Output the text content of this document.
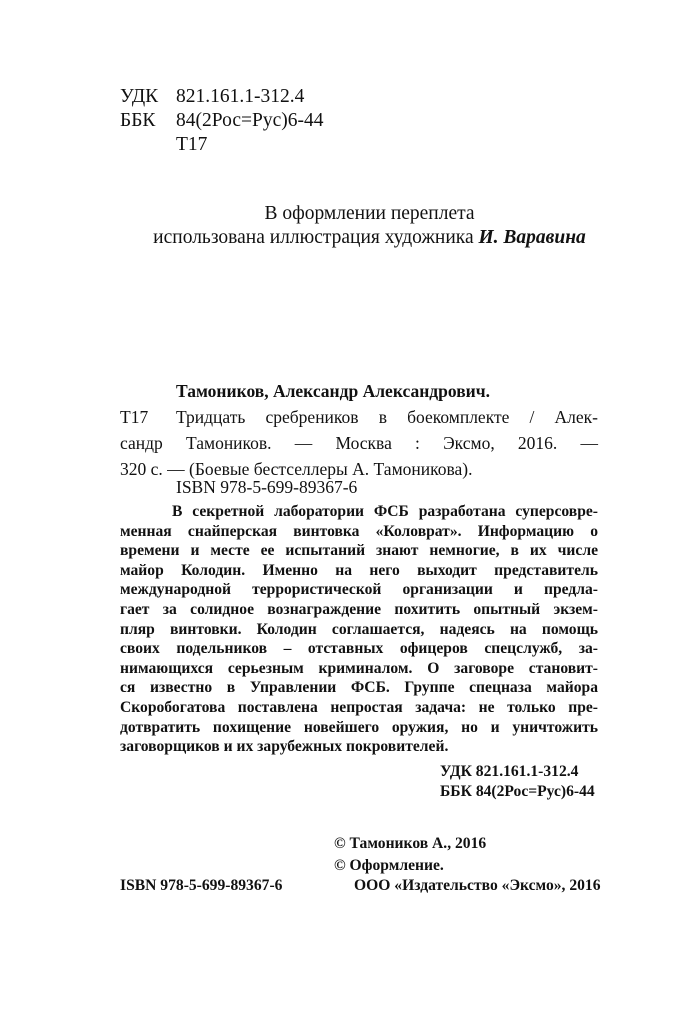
УДК 821.161.1-312.4
ББК 84(2Рос=Рус)6-44
Т17
В оформлении переплета
использована иллюстрация художника И. Варавина
Тамоников, Александр Александрович.
Т17 Тридцать сребреников в боекомплекте / Алек-
сандр Тамоников. — Москва : Эксмо, 2016. —
320 с. — (Боевые бестселлеры А. Тамоникова).
ISBN 978-5-699-89367-6
В секретной лаборатории ФСБ разработана суперсовре-
менная снайперская винтовка «Коловрат». Информацию о
времени и месте ее испытаний знают немногие, в их числе
майор Колодин. Именно на него выходит представитель
международной террористической организации и предла-
гает за солидное вознаграждение похитить опытный экзем-
пляр винтовки. Колодин соглашается, надеясь на помощь
своих подельников – отставных офицеров спецслужб, за-
нимающихся серьезным криминалом. О заговоре становит-
ся известно в Управлении ФСБ. Группе спецназа майора
Скоробогатова поставлена непростая задача: не только пре-
дотвратить похищение новейшего оружия, но и уничтожить
заговорщиков и их зарубежных покровителей.
УДК 821.161.1-312.4
ББК 84(2Рос=Рус)6-44
© Тамоников А., 2016
© Оформление.
ISBN 978-5-699-89367-6	ООО «Издательство «Эксмо», 2016
